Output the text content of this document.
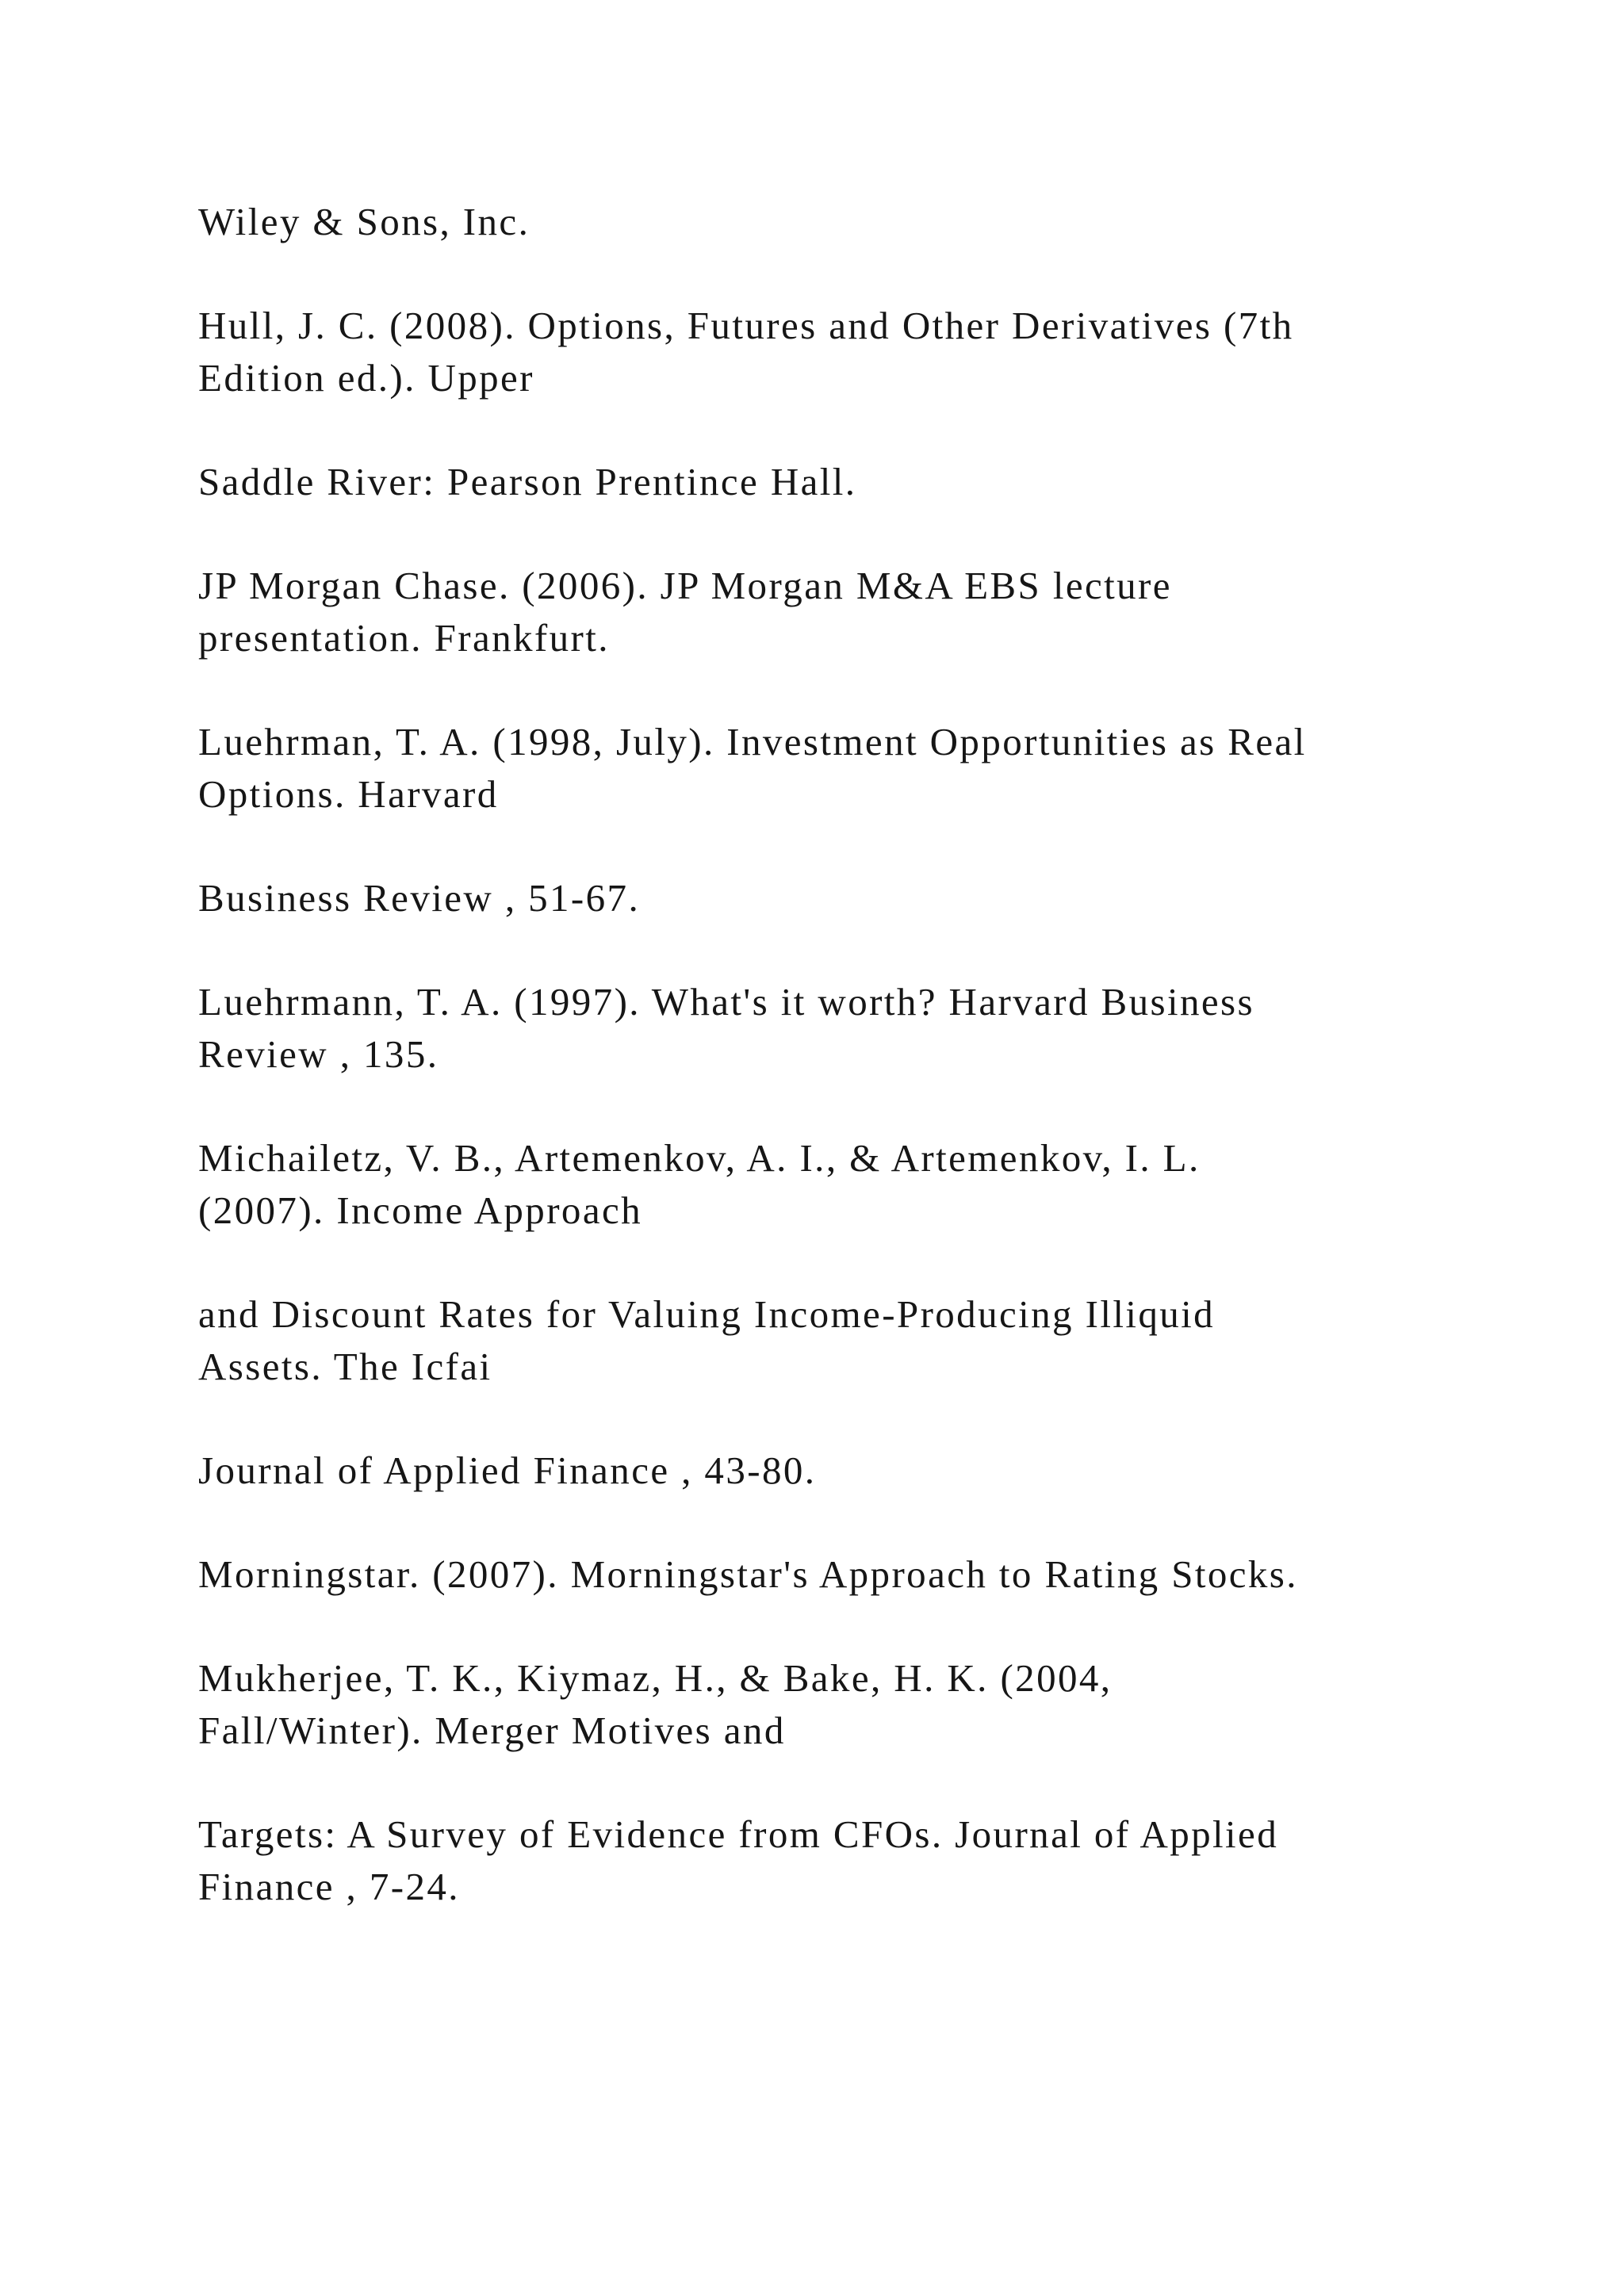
Wiley & Sons, Inc.

Hull, J. C. (2008). Options, Futures and Other Derivatives (7th
Edition ed.). Upper

Saddle River: Pearson Prentince Hall.

JP Morgan Chase. (2006). JP Morgan M&A EBS lecture
presentation. Frankfurt.

Luehrman, T. A. (1998, July). Investment Opportunities as Real
Options. Harvard

Business Review , 51-67.

Luehrmann, T. A. (1997). What's it worth? Harvard Business
Review , 135.

Michailetz, V. B., Artemenkov, A. I., & Artemenkov, I. L.
(2007). Income Approach

and Discount Rates for Valuing Income-Producing Illiquid
Assets. The Icfai

Journal of Applied Finance , 43-80.

Morningstar. (2007). Morningstar's Approach to Rating Stocks.

Mukherjee, T. K., Kiymaz, H., & Bake, H. K. (2004,
Fall/Winter). Merger Motives and

Targets: A Survey of Evidence from CFOs. Journal of Applied
Finance , 7-24.
